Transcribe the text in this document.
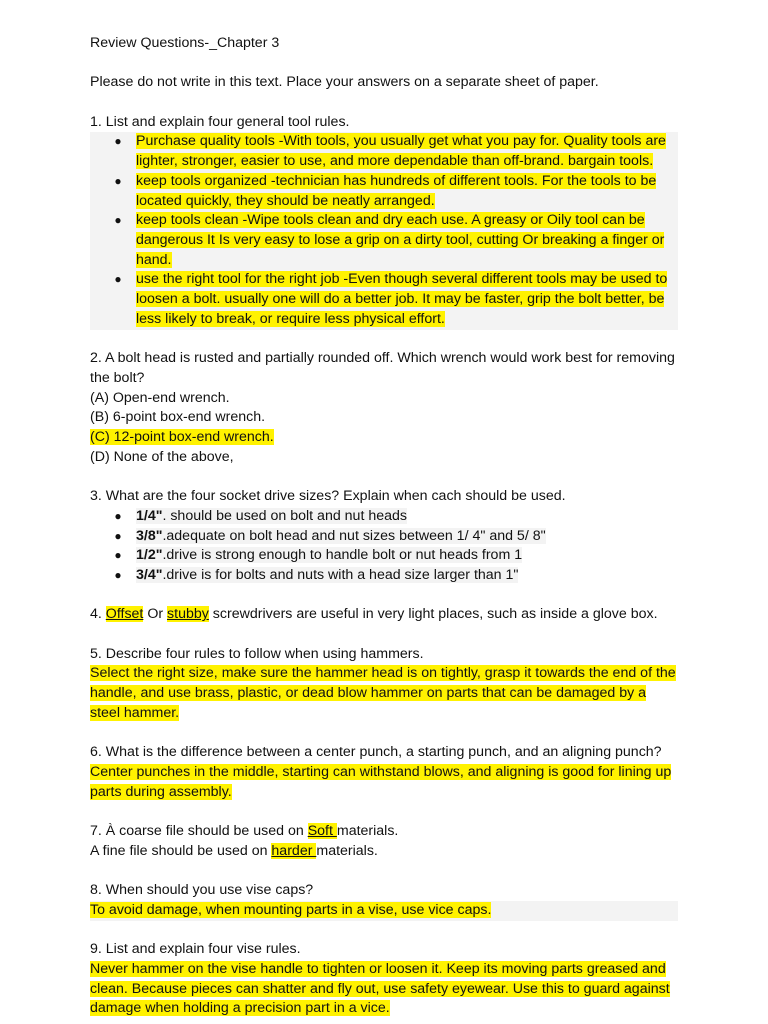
Review Questions-_Chapter 3

Please do not write in this text. Place your answers on a separate sheet of paper.

1. List and explain four general tool rules.

● Purchase quality tools -With tools, you usually get what you pay for. Quality tools are lighter, stronger, easier to use, and more dependable than off-brand. bargain tools.
● keep tools organized -technician has hundreds of different tools. For the tools to be located quickly, they should be neatly arranged.
● keep tools clean -Wipe tools clean and dry each use. A greasy or Oily tool can be dangerous It Is very easy to lose a grip on a dirty tool, cutting Or breaking a finger or hand.
● use the right tool for the right job -Even though several different tools may be used to loosen a bolt. usually one will do a better job. It may be faster, grip the bolt better, be less likely to break, or require less physical effort.

2. A bolt head is rusted and partially rounded off. Which wrench would work best for removing the bolt?

(A) Open-end wrench.

(B) 6-point box-end wrench.

(C) 12-point box-end wrench.

(D) None of the above,

3. What are the four socket drive sizes? Explain when cach should be used.

● 1/4". should be used on bolt and nut heads
● 3/8".adequate on bolt head and nut sizes between 1/ 4" and 5/ 8"
● 1/2".drive is strong enough to handle bolt or nut heads from 1
● 3/4".drive is for bolts and nuts with a head size larger than 1"

4. Offset Or stubby screwdrivers are useful in very light places, such as inside a glove box.

5. Describe four rules to follow when using hammers.

Select the right size, make sure the hammer head is on tightly, grasp it towards the end of the handle, and use brass, plastic, or dead blow hammer on parts that can be damaged by a steel hammer.

6. What is the difference between a center punch, a starting punch, and an aligning punch?

Center punches in the middle, starting can withstand blows, and aligning is good for lining up parts during assembly.

7. À coarse file should be used on Soft materials.

A fine file should be used on harder materials.

8. When should you use vise caps?

To avoid damage, when mounting parts in a vise, use vice caps.

9. List and explain four vise rules.

Never hammer on the vise handle to tighten or loosen it. Keep its moving parts greased and clean. Because pieces can shatter and fly out, use safety eyewear. Use this to guard against damage when holding a precision part in a vice.
